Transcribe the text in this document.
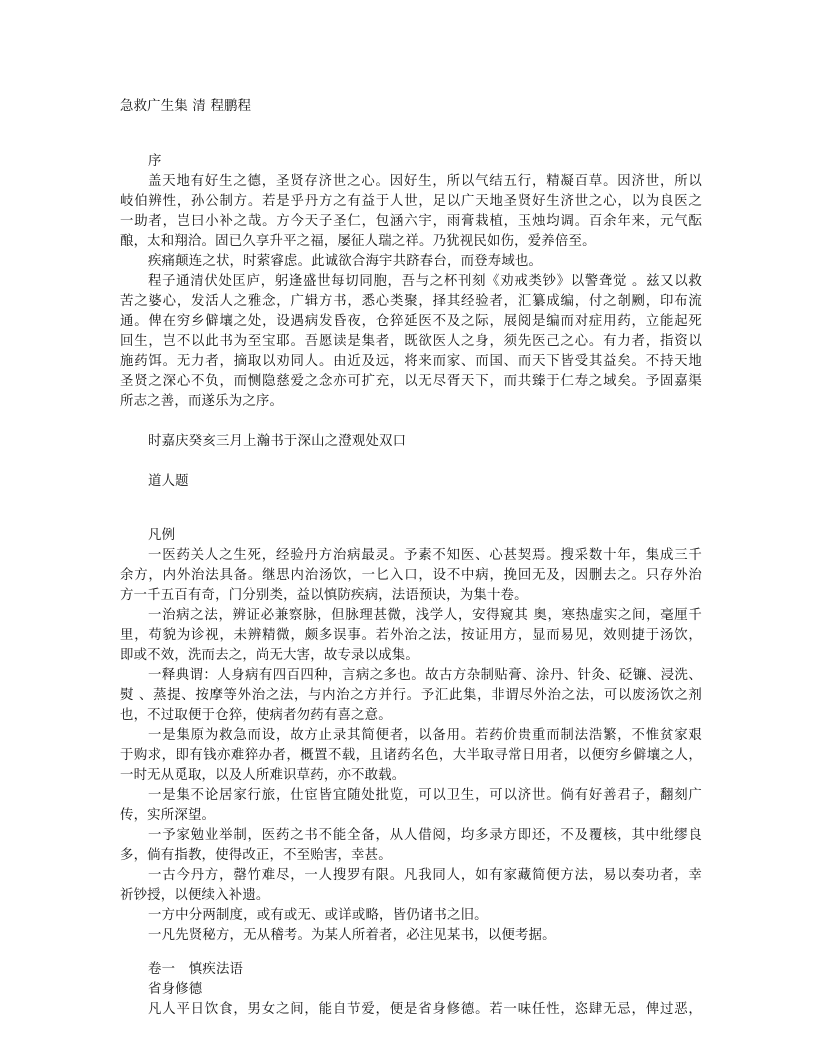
急救广生集 清 程鹏程
序
盖天地有好生之德，圣贤存济世之心。因好生，所以气结五行，精凝百草。因济世，所以
岐伯辨性，孙公制方。若是乎丹方之有益于人世，足以广天地圣贤好生济世之心，以为良医之
一助者，岂曰小补之哉。方今天子圣仁，包涵六宇，雨膏栽植，玉烛均调。百余年来，元气酝
酿，太和翔洽。固已久享升平之福，屡征人瑞之祥。乃犹视民如伤，爱养倍至。
疾痛颠连之状，时萦睿虑。此诚欲合海宇共跻春台，而登寿域也。
程子通清伏处匡庐，躬逢盛世每切同胞，吾与之杯刊刻《劝戒类钞》以警聋觉 。兹又以救
苦之婆心，发活人之雅念，广辑方书，悉心类聚，择其经验者，汇纂成编，付之剞劂，印布流
通。俾在穷乡僻壤之处，设遇病发昏夜，仓猝延医不及之际，展阅是编而对症用药，立能起死
回生，岂不以此书为至宝耶。吾愿读是集者，既欲医人之身，须先医己之心。有力者，指资以
施药饵。无力者，摘取以劝同人。由近及远，将来而家、而国、而天下皆受其益矣。不持天地
圣贤之深心不负，而恻隐慈爱之念亦可扩充，以无尽胥天下，而共臻于仁寿之域矣。予固嘉渠
所志之善，而遂乐为之序。
时嘉庆癸亥三月上瀚书于深山之澄观处双口
道人题
凡例
一医药关人之生死，经验丹方治病最灵。予素不知医、心甚契焉。搜采数十年，集成三千
余方，内外治法具备。继思内治汤饮，一匕入口，设不中病，挽回无及，因删去之。只存外治
方一千五百有奇，门分别类，益以慎防疾病，法语预诀，为集十卷。
一治病之法，辨证必兼察脉，但脉理甚微，浅学人，安得窥其 奥，寒热虚实之间，毫厘千
里，苟貌为诊视，未辨精微，颇多误事。若外治之法，按证用方，显而易见，效则捷于汤饮，
即或不效，洗而去之，尚无大害，故专录以成集。
一释典谓：人身病有四百四种，言病之多也。故古方杂制贴膏、涂丹、针灸、砭镰、浸洗、
熨 、蒸提、按摩等外治之法，与内治之方并行。予汇此集，非谓尽外治之法，可以废汤饮之剂
也，不过取便于仓猝，使病者勿药有喜之意。
一是集原为救急而设，故方止录其简便者，以备用。若药价贵重而制法浩繁，不惟贫家艰
于购求，即有钱亦难猝办者，概置不载，且诸药名色，大半取寻常日用者，以便穷乡僻壤之人，
一时无从觅取，以及人所难识草药，亦不敢载。
一是集不论居家行旅，仕宦皆宜随处批览，可以卫生，可以济世。倘有好善君子，翻刻广
传，实所深望。
一予家勉业举制，医药之书不能全备，从人借阅，均多录方即还，不及覆核，其中纰缪良
多，倘有指教，使得改正，不至贻害，幸甚。
一古今丹方，罄竹难尽，一人搜罗有限。凡我同人，如有家藏简便方法，易以奏功者，幸
祈钞授，以便续入补遗。
一方中分两制度，或有或无、或详或略，皆仍诸书之旧。
一凡先贤秘方，无从稽考。为某人所着者，必注见某书，以便考据。
卷一　慎疾法语
省身修德
凡人平日饮食，男女之间，能自节爱，便是省身修德。若一味任性，恣肆无忌，俾过恶，
